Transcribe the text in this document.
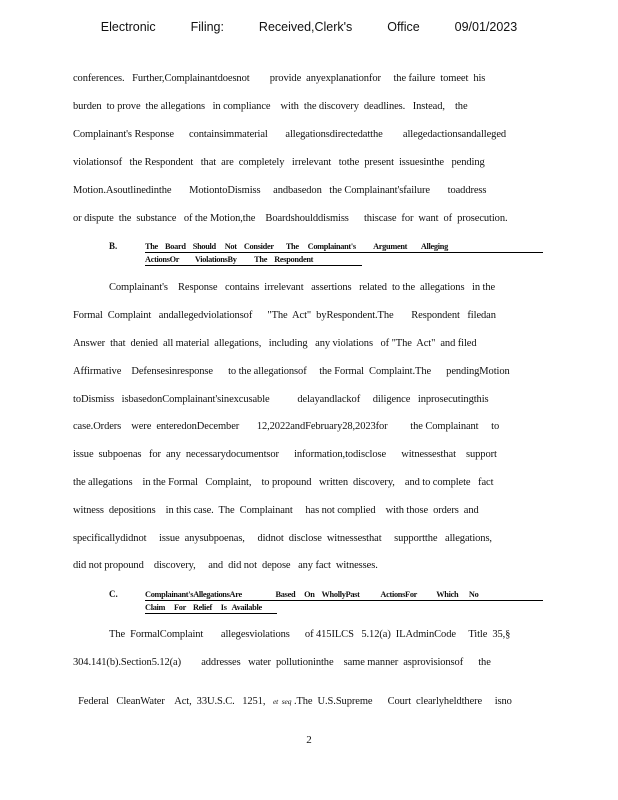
Electronic  Filing:  Received,Clerk's  Office  09/01/2023
conferences.   Further,Complainantdoesnot        provide  anyexplanationfor     the failure  tomeet  his
burden  to prove  the allegations   in compliance    with  the discovery  deadlines.   Instead,    the
Complainant's Response      containsimmaterial       allegationsdirectedatthe        allegedactionsandalleged
violationsof   the Respondent   that  are  completely   irrelevant   tothe  present  issuesinthe   pending
Motion.Asoutlinedinthe       MotiontoDismiss     andbasedon   the Complainant'sfailure       toaddress
or dispute  the  substance   of the Motion,the    Boardshoulddismiss      thiscase  for  want  of  prosecution.
B.	The    Board    Should     Not    Consider       The     Complainant's          Argument        Alleging
ActionsOr         ViolationsBy          The    Respondent
Complainant's    Response   contains  irrelevant   assertions   related  to the  allegations   in the
Formal  Complaint   andallegedviolationsof      "The  Act"  byRespondent.The       Respondent   filedan
Answer  that  denied  all material  allegations,   including   any violations   of "The  Act"  and filed
Affirmative    Defensesinresponse      to the allegationsof     the Formal  Complaint.The      pendingMotion
toDismiss   isbasedonComplainant'sinexcusable           delayandlackof     diligence   inprosecutingthis
case.Orders    were  enteredonDecember       12,2022andFebruary28,2023for         the Complainant     to
issue  subpoenas   for  any  necessarydocumentsor      information,todisclose      witnessesthat    support
the allegations    in the Formal   Complaint,    to propound   written  discovery,    and to complete   fact
witness  depositions    in this case.  The  Complainant     has not complied    with those  orders  and
specificallydidnot     issue  anysubpoenas,     didnot  disclose  witnessesthat     supportthe   allegations,
did not propound    discovery,     and  did not  depose   any fact  witnesses.
C.	Complainant'sAllegationsAre                   Based     On    WhollyPast            ActionsFor           Which      No
Claim     For    Relief     Is   Available
The  FormalComplaint       allegesviolations      of 415ILCS   5.12(a)  ILAdminCode     Title  35,§
304.141(b).Section5.12(a)        addresses   water  pollutioninthe    same manner  asprovisionsof      the

Federal   CleanWater    Act,  33U.S.C.   1251,   et  seq .The  U.S.Supreme      Court  clearlyheldthere     isno

2
